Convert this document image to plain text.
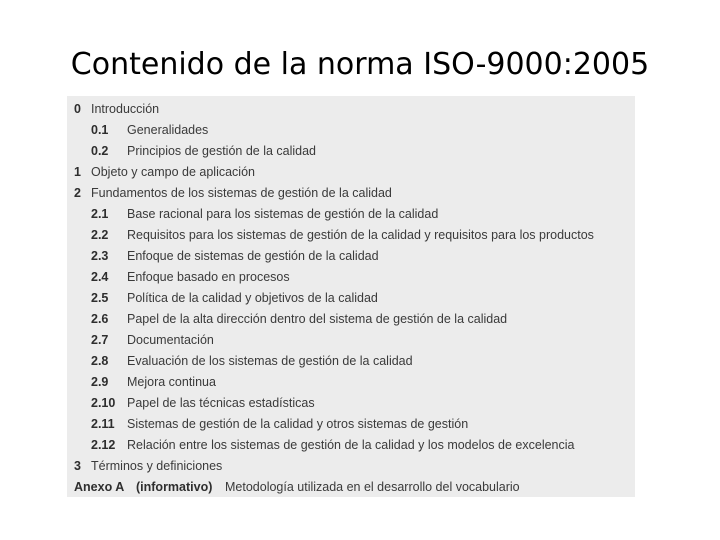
Contenido de la norma ISO-9000:2005
0 Introducción
0.1 Generalidades
0.2 Principios de gestión de la calidad
1 Objeto y campo de aplicación
2 Fundamentos de los sistemas de gestión de la calidad
2.1 Base racional para los sistemas de gestión de la calidad
2.2 Requisitos para los sistemas de gestión de la calidad y requisitos para los productos
2.3 Enfoque de sistemas de gestión de la calidad
2.4 Enfoque basado en procesos
2.5 Política de la calidad y objetivos de la calidad
2.6 Papel de la alta dirección dentro del sistema de gestión de la calidad
2.7 Documentación
2.8 Evaluación de los sistemas de gestión de la calidad
2.9 Mejora continua
2.10 Papel de las técnicas estadísticas
2.11 Sistemas de gestión de la calidad y otros sistemas de gestión
2.12 Relación entre los sistemas de gestión de la calidad y los modelos de excelencia
3 Términos y definiciones
Anexo A (informativo) Metodología utilizada en el desarrollo del vocabulario
